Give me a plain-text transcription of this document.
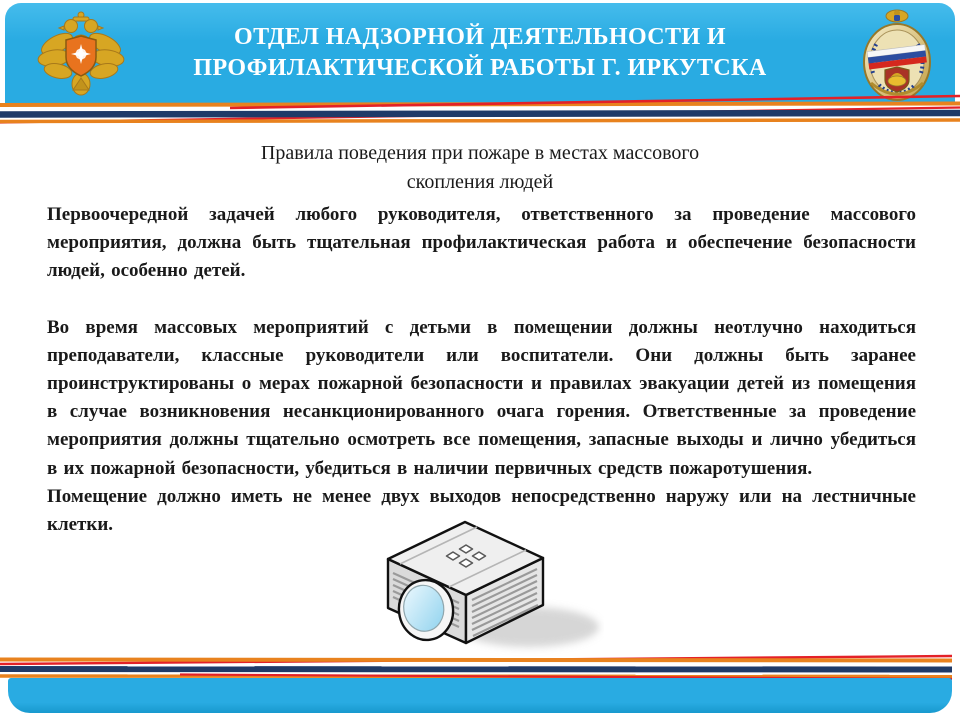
ОТДЕЛ НАДЗОРНОЙ ДЕЯТЕЛЬНОСТИ И
ПРОФИЛАКТИЧЕСКОЙ РАБОТЫ Г. ИРКУТСКА
Правила поведения при пожаре в местах массового
скопления людей

Первоочередной задачей любого руководителя, ответственного за проведение массового мероприятия, должна быть тщательная профилактическая работа и обеспечение безопасности людей, особенно детей.

Во время массовых мероприятий с детьми в помещении должны неотлучно находиться преподаватели, классные руководители или воспитатели. Они должны быть заранее проинструктированы о мерах пожарной безопасности и правилах эвакуации детей из помещения в случае возникновения несанкционированного очага горения. Ответственные за проведение мероприятия должны тщательно осмотреть все помещения, запасные выходы и лично убедиться в их пожарной безопасности, убедиться в наличии первичных средств пожаротушения.

Помещение должно иметь не менее двух выходов непосредственно наружу или на лестничные клетки.
